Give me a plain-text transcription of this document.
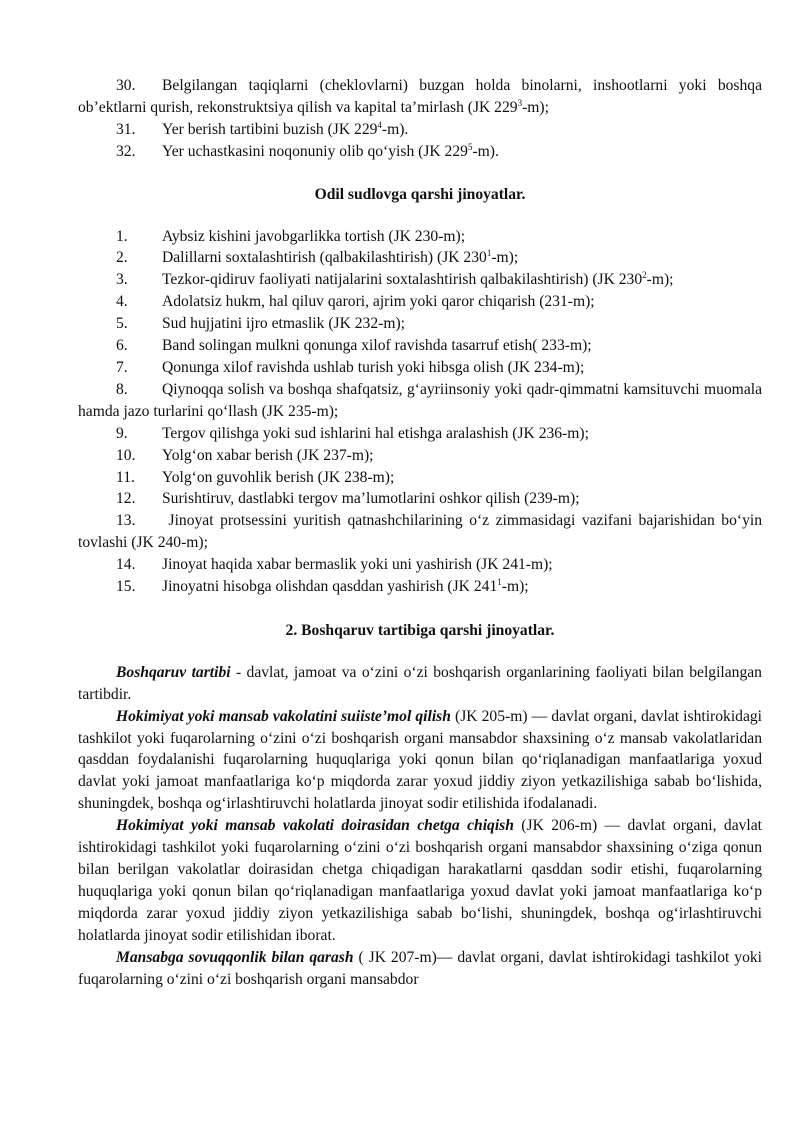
30. Belgilangan taqiqlarni (cheklovlarni) buzgan holda binolarni, inshootlarni yoki boshqa ob’ektlarni qurish, rekonstruktsiya qilish va kapital ta’mirlash (JK $229^3-m$);
31. Yer berish tartibini buzish (JK $229^4-m$).
32. Yer uchastkasini noqonuniy olib qo‘yish (JK $229^5-m$).
Odil sudlovga qarshi jinoyatlar.
1. Aybsiz kishini javobgarlikka tortish (JK 230-m);
2. Dalillarni soxtalashtirish (qalbakilashtirish) (JK $230^1-m$);
3. Tezkor-qidiruv faoliyati natijalarini soxtalashtirish qalbakilashtirish) (JK $230^2-m$);
4. Adolatsiz hukm, hal qiluv qarori, ajrim yoki qaror chiqarish (231-m);
5. Sud hujjatini ijro etmaslik (JK 232-m);
6. Band solingan mulkni qonunga xilof ravishda tasarruf etish( 233-m);
7. Qonunga xilof ravishda ushlab turish yoki hibsga olish (JK 234-m);
8. Qiynoqqa solish va boshqa shafqatsiz, g‘ayriinsoniy yoki qadr-qimmatni kamsituvchi muomala hamda jazo turlarini qo‘llash (JK 235-m);
9. Tergov qilishga yoki sud ishlarini hal etishga aralashish (JK 236-m);
10. Yolg‘on xabar berish (JK 237-m);
11. Yolg‘on guvohlik berish (JK 238-m);
12. Surishtiruv, dastlabki tergov ma’lumotlarini oshkor qilish (239-m);
13. Jinoyat protsessini yuritish qatnashchilarining o‘z zimmasidagi vazifani bajarishidan bo‘yin tovlashi (JK 240-m);
14. Jinoyat haqida xabar bermaslik yoki uni yashirish (JK 241-m);
15. Jinoyatni hisobga olishdan qasddan yashirish (JK $241^1-m$);
2. Boshqaruv tartibiga qarshi jinoyatlar.
Boshqaruv tartibi - davlat, jamoat va o‘zini o‘zi boshqarish organlarining faoliyati bilan belgilangan tartibdir.
Hokimiyat yoki mansab vakolatini suiiste’mol qilish (JK 205-m) — davlat organi, davlat ishtirokidagi tashkilot yoki fuqarolarning o‘zini o‘zi boshqarish organi mansabdor shaxsining o‘z mansab vakolatlaridan qasddan foydalanishi fuqarolarning huquqlariga yoki qonun bilan qo‘riqlanadigan manfaatlariga yoxud davlat yoki jamoat manfaatlariga ko‘p miqdorda zarar yoxud jiddiy ziyon yetkazilishiga sabab bo‘lishida, shuningdek, boshqa og‘irlashtiruvchi holatlarda jinoyat sodir etilishida ifodalanadi.
Hokimiyat yoki mansab vakolati doirasidan chetga chiqish (JK 206-m) — davlat organi, davlat ishtirokidagi tashkilot yoki fuqarolarning o‘zini o‘zi boshqarish organi mansabdor shaxsining o‘ziga qonun bilan berilgan vakolatlar doirasidan chetga chiqadigan harakatlarni qasddan sodir etishi, fuqarolarning huquqlariga yoki qonun bilan qo‘riqlanadigan manfaatlariga yoxud davlat yoki jamoat manfaatlariga ko‘p miqdorda zarar yoxud jiddiy ziyon yetkazilishiga sabab bo‘lishi, shuningdek, boshqa og‘irlashtiruvchi holatlarda jinoyat sodir etilishidan iborat.
Mansabga sovuqqonlik bilan qarash ( JK 207-m)— davlat organi, davlat ishtirokidagi tashkilot yoki fuqarolarning o‘zini o‘zi boshqarish organi mansabdor
